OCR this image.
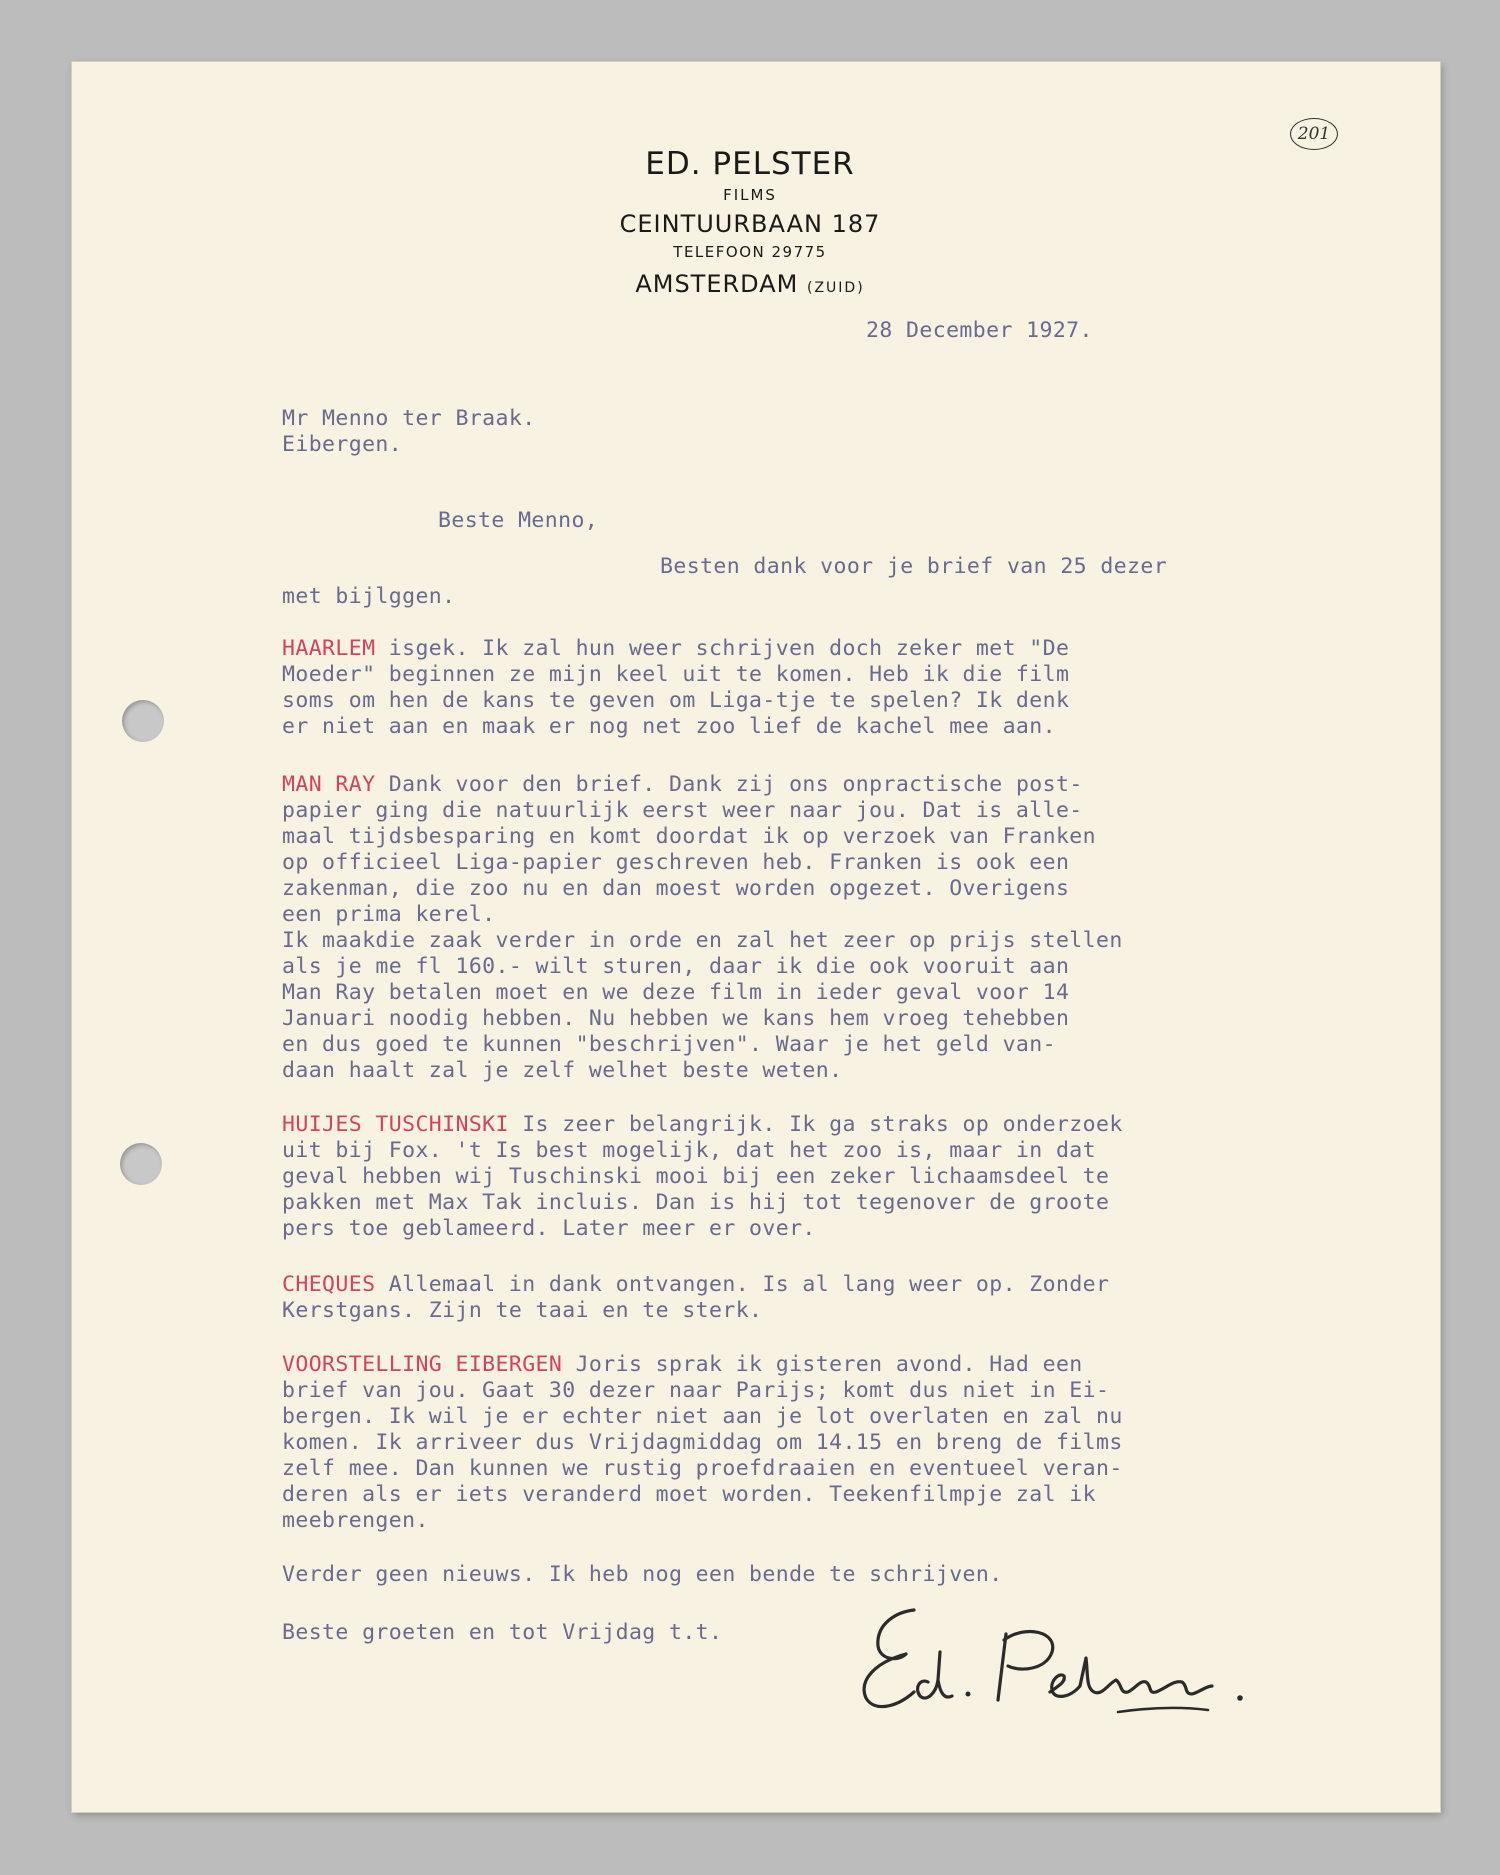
201
ED. PELSTER
FILMS
CEINTUURBAAN 187
TELEFOON 29775
AMSTERDAM (ZUID)
28 December 1927.
Mr Menno ter Braak.
Eibergen.
Beste Menno,
Besten dank voor je brief van 25 dezer
met bijlggen.
HAARLEM isgek. Ik zal hun weer schrijven doch zeker met "De
Moeder" beginnen ze mijn keel uit te komen. Heb ik die film
soms om hen de kans te geven om Liga-tje te spelen? Ik denk
er niet aan en maak er nog net zoo lief de kachel mee aan.
MAN RAY Dank voor den brief. Dank zij ons onpractische post-
papier ging die natuurlijk eerst weer naar jou. Dat is alle-
maal tijdsbesparing en komt doordat ik op verzoek van Franken
op officieel Liga-papier geschreven heb. Franken is ook een
zakenman, die zoo nu en dan moest worden opgezet. Overigens
een prima kerel.
Ik maakdie zaak verder in orde en zal het zeer op prijs stellen
als je me fl 160.- wilt sturen, daar ik die ook vooruit aan
Man Ray betalen moet en we deze film in ieder geval voor 14
Januari noodig hebben. Nu hebben we kans hem vroeg tehebben
en dus goed te kunnen "beschrijven". Waar je het geld van-
daan haalt zal je zelf welhet beste weten.
HUIJES TUSCHINSKI Is zeer belangrijk. Ik ga straks op onderzoek
uit bij Fox. 't Is best mogelijk, dat het zoo is, maar in dat
geval hebben wij Tuschinski mooi bij een zeker lichaamsdeel te
pakken met Max Tak incluis. Dan is hij tot tegenover de groote
pers toe geblameerd. Later meer er over.
CHEQUES Allemaal in dank ontvangen. Is al lang weer op. Zonder
Kerstgans. Zijn te taai en te sterk.
VOORSTELLING EIBERGEN Joris sprak ik gisteren avond. Had een
brief van jou. Gaat 30 dezer naar Parijs; komt dus niet in Ei-
bergen. Ik wil je er echter niet aan je lot overlaten en zal nu
komen. Ik arriveer dus Vrijdagmiddag om 14.15 en breng de films
zelf mee. Dan kunnen we rustig proefdraaien en eventueel veran-
deren als er iets veranderd moet worden. Teekenfilmpje zal ik
meebrengen.
Verder geen nieuws. Ik heb nog een bende te schrijven.
Beste groeten en tot Vrijdag t.t.
